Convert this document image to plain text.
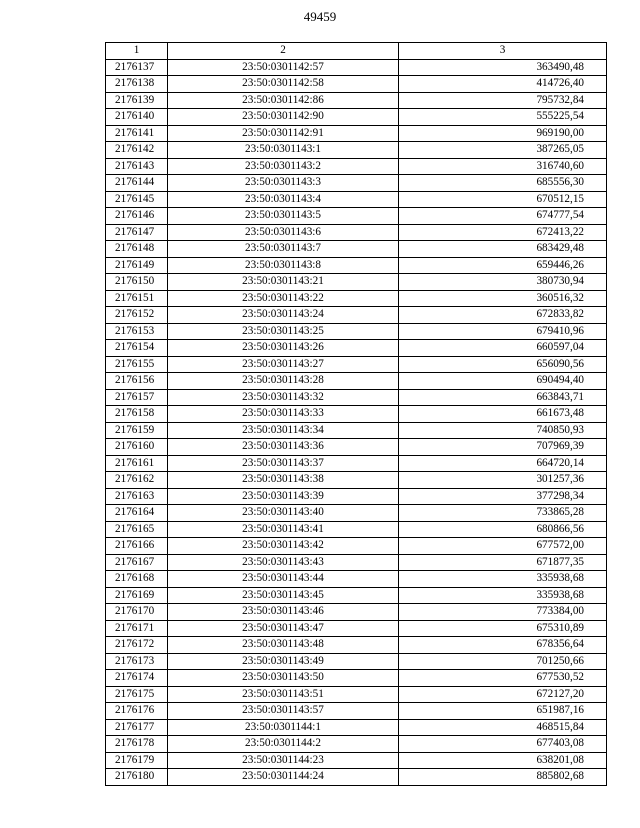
49459
1	2	3
2176137	23:50:0301142:57	363490,48
2176138	23:50:0301142:58	414726,40
2176139	23:50:0301142:86	795732,84
2176140	23:50:0301142:90	555225,54
2176141	23:50:0301142:91	969190,00
2176142	23:50:0301143:1	387265,05
2176143	23:50:0301143:2	316740,60
2176144	23:50:0301143:3	685556,30
2176145	23:50:0301143:4	670512,15
2176146	23:50:0301143:5	674777,54
2176147	23:50:0301143:6	672413,22
2176148	23:50:0301143:7	683429,48
2176149	23:50:0301143:8	659446,26
2176150	23:50:0301143:21	380730,94
2176151	23:50:0301143:22	360516,32
2176152	23:50:0301143:24	672833,82
2176153	23:50:0301143:25	679410,96
2176154	23:50:0301143:26	660597,04
2176155	23:50:0301143:27	656090,56
2176156	23:50:0301143:28	690494,40
2176157	23:50:0301143:32	663843,71
2176158	23:50:0301143:33	661673,48
2176159	23:50:0301143:34	740850,93
2176160	23:50:0301143:36	707969,39
2176161	23:50:0301143:37	664720,14
2176162	23:50:0301143:38	301257,36
2176163	23:50:0301143:39	377298,34
2176164	23:50:0301143:40	733865,28
2176165	23:50:0301143:41	680866,56
2176166	23:50:0301143:42	677572,00
2176167	23:50:0301143:43	671877,35
2176168	23:50:0301143:44	335938,68
2176169	23:50:0301143:45	335938,68
2176170	23:50:0301143:46	773384,00
2176171	23:50:0301143:47	675310,89
2176172	23:50:0301143:48	678356,64
2176173	23:50:0301143:49	701250,66
2176174	23:50:0301143:50	677530,52
2176175	23:50:0301143:51	672127,20
2176176	23:50:0301143:57	651987,16
2176177	23:50:0301144:1	468515,84
2176178	23:50:0301144:2	677403,08
2176179	23:50:0301144:23	638201,08
2176180	23:50:0301144:24	885802,68
